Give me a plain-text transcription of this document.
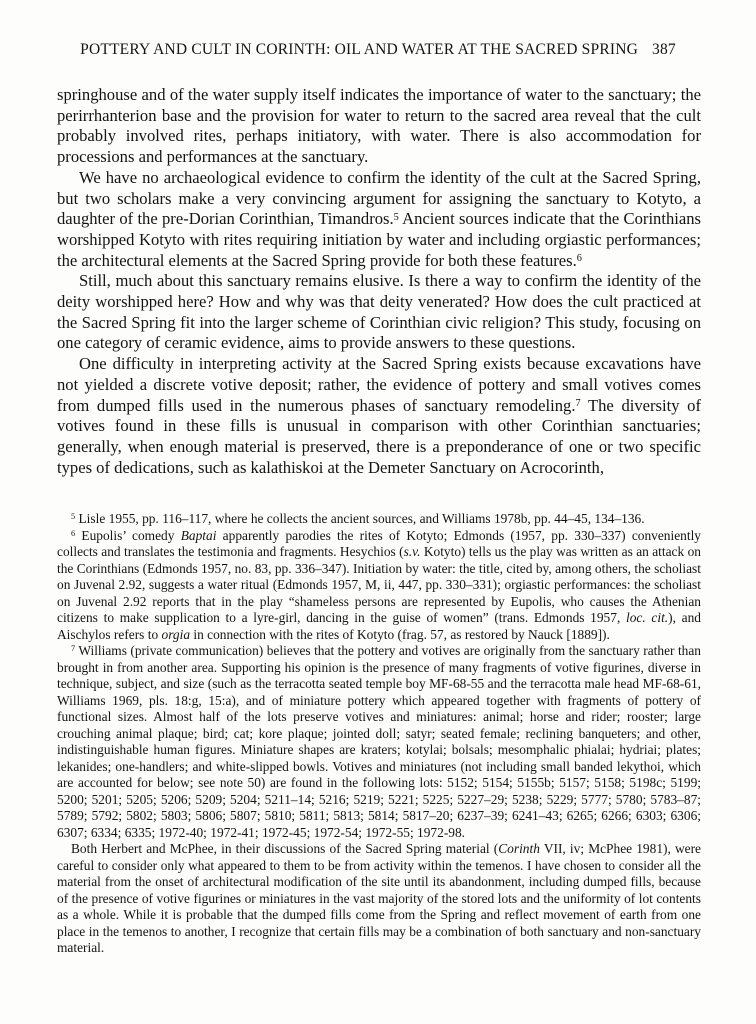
POTTERY AND CULT IN CORINTH: OIL AND WATER AT THE SACRED SPRING 387

springhouse and of the water supply itself indicates the importance of water to the sanctuary; the perirrhanterion base and the provision for water to return to the sacred area reveal that the cult probably involved rites, perhaps initiatory, with water. There is also accommodation for processions and performances at the sanctuary.

We have no archaeological evidence to confirm the identity of the cult at the Sacred Spring, but two scholars make a very convincing argument for assigning the sanctuary to Kotyto, a daughter of the pre-Dorian Corinthian, Timandros.$^5$ Ancient sources indicate that the Corinthians worshipped Kotyto with rites requiring initiation by water and including orgiastic performances; the architectural elements at the Sacred Spring provide for both these features.$^6$

Still, much about this sanctuary remains elusive. Is there a way to confirm the identity of the deity worshipped here? How and why was that deity venerated? How does the cult practiced at the Sacred Spring fit into the larger scheme of Corinthian civic religion? This study, focusing on one category of ceramic evidence, aims to provide answers to these questions.

One difficulty in interpreting activity at the Sacred Spring exists because excavations have not yielded a discrete votive deposit; rather, the evidence of pottery and small votives comes from dumped fills used in the numerous phases of sanctuary remodeling.$^7$ The diversity of votives found in these fills is unusual in comparison with other Corinthian sanctuaries; generally, when enough material is preserved, there is a preponderance of one or two specific types of dedications, such as kalathiskoi at the Demeter Sanctuary on Acrocorinth,

$^5$ Lisle 1955, pp. 116–117, where he collects the ancient sources, and Williams 1978b, pp. 44–45, 134–136.

$^6$ Eupolis’ comedy Baptai apparently parodies the rites of Kotyto; Edmonds (1957, pp. 330–337) conveniently collects and translates the testimonia and fragments. Hesychios (s.v. Kotyto) tells us the play was written as an attack on the Corinthians (Edmonds 1957, no. 83, pp. 336–347). Initiation by water: the title, cited by, among others, the scholiast on Juvenal 2.92, suggests a water ritual (Edmonds 1957, M, ii, 447, pp. 330–331); orgiastic performances: the scholiast on Juvenal 2.92 reports that in the play “shameless persons are represented by Eupolis, who causes the Athenian citizens to make supplication to a lyre-girl, dancing in the guise of women” (trans. Edmonds 1957, loc. cit.), and Aischylos refers to orgia in connection with the rites of Kotyto (frag. 57, as restored by Nauck [1889]).

$^7$ Williams (private communication) believes that the pottery and votives are originally from the sanctuary rather than brought in from another area. Supporting his opinion is the presence of many fragments of votive figurines, diverse in technique, subject, and size (such as the terracotta seated temple boy MF-68-55 and the terracotta male head MF-68-61, Williams 1969, pls. 18:g, 15:a), and of miniature pottery which appeared together with fragments of pottery of functional sizes. Almost half of the lots preserve votives and miniatures: animal; horse and rider; rooster; large crouching animal plaque; bird; cat; kore plaque; jointed doll; satyr; seated female; reclining banqueters; and other, indistinguishable human figures. Miniature shapes are kraters; kotylai; bolsals; mesomphalic phialai; hydriai; plates; lekanides; one-handlers; and white-slipped bowls. Votives and miniatures (not including small banded lekythoi, which are accounted for below; see note 50) are found in the following lots: 5152; 5154; 5155b; 5157; 5158; 5198c; 5199; 5200; 5201; 5205; 5206; 5209; 5204; 5211–14; 5216; 5219; 5221; 5225; 5227–29; 5238; 5229; 5777; 5780; 5783–87; 5789; 5792; 5802; 5803; 5806; 5807; 5810; 5811; 5813; 5814; 5817–20; 6237–39; 6241–43; 6265; 6266; 6303; 6306; 6307; 6334; 6335; 1972-40; 1972-41; 1972-45; 1972-54; 1972-55; 1972-98.

Both Herbert and McPhee, in their discussions of the Sacred Spring material (Corinth VII, iv; McPhee 1981), were careful to consider only what appeared to them to be from activity within the temenos. I have chosen to consider all the material from the onset of architectural modification of the site until its abandonment, including dumped fills, because of the presence of votive figurines or miniatures in the vast majority of the stored lots and the uniformity of lot contents as a whole. While it is probable that the dumped fills come from the Spring and reflect movement of earth from one place in the temenos to another, I recognize that certain fills may be a combination of both sanctuary and non-sanctuary material.
